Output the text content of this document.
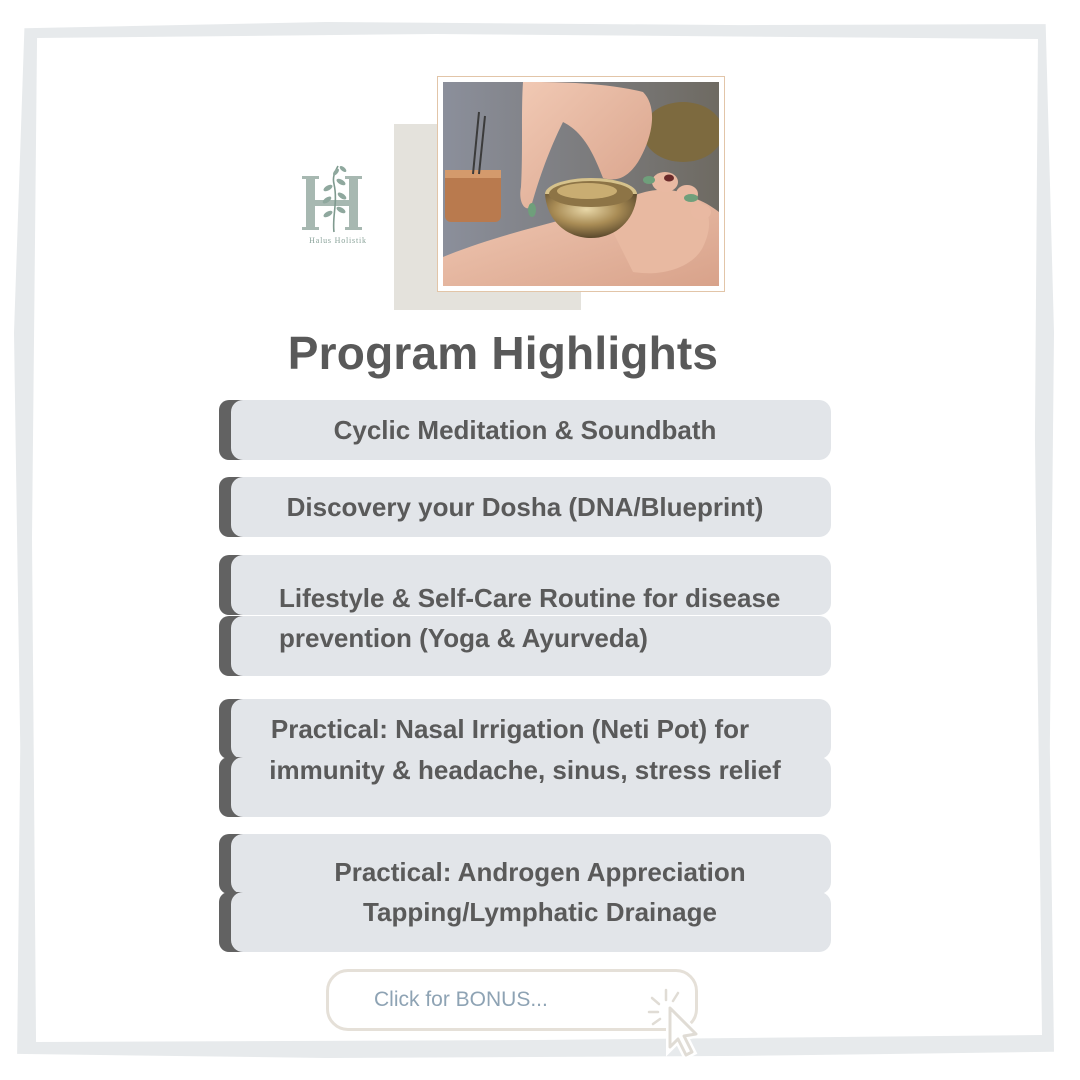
Halus Holistik
Program Highlights
Cyclic Meditation & Soundbath
Discovery your Dosha (DNA/Blueprint)
Lifestyle & Self-Care Routine for disease
prevention (Yoga & Ayurveda)
Practical: Nasal Irrigation (Neti Pot) for
immunity & headache, sinus, stress relief
Practical: Androgen Appreciation
Tapping/Lymphatic Drainage
Click for BONUS...
